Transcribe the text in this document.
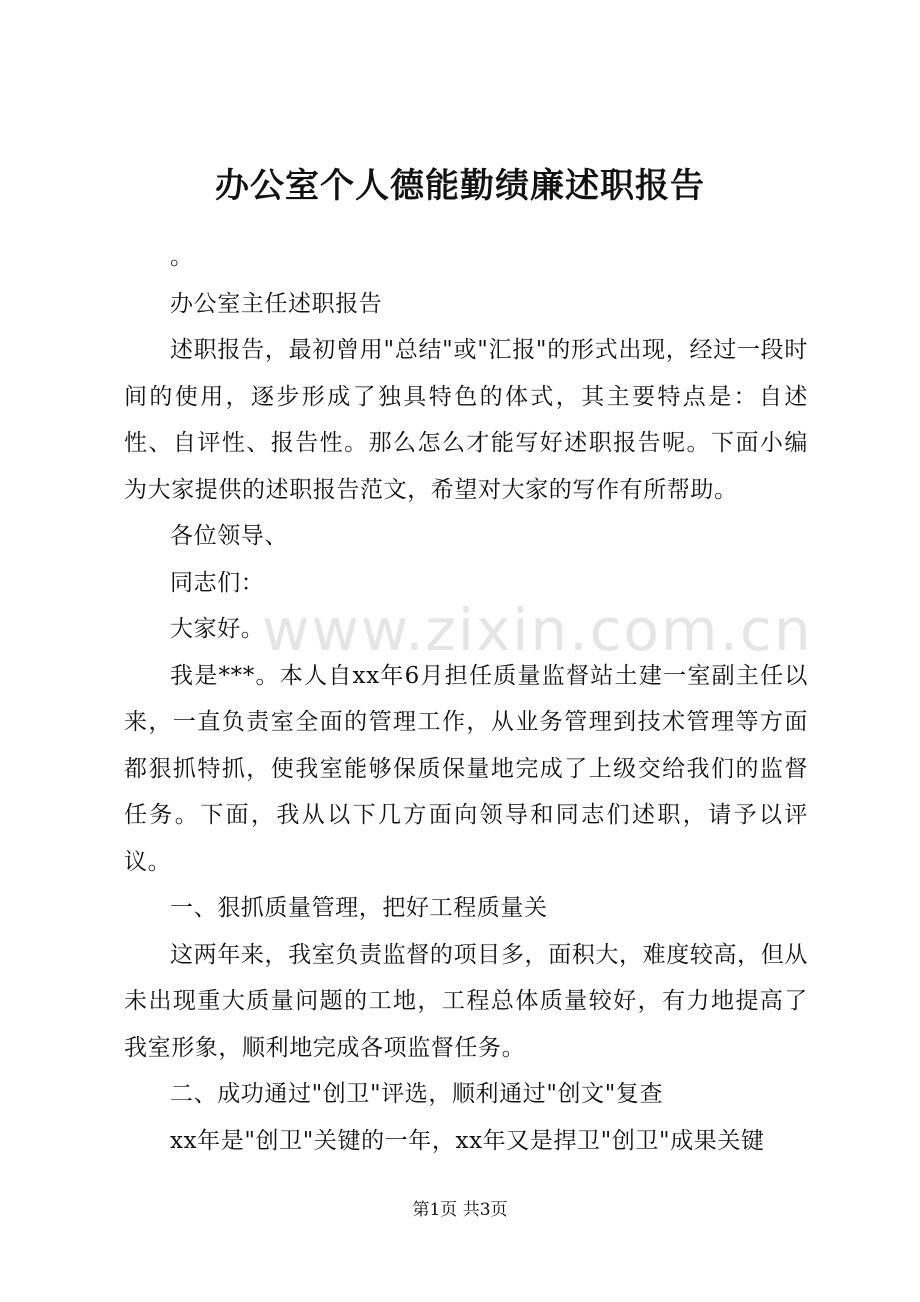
办公室个人德能勤绩廉述职报告

。

办公室主任述职报告

述职报告，最初曾用"总结"或"汇报"的形式出现，经过一段时间的使用，逐步形成了独具特色的体式，其主要特点是：自述性、自评性、报告性。那么怎么才能写好述职报告呢。下面小编为大家提供的述职报告范文，希望对大家的写作有所帮助。

各位领导、

同志们：

大家好。

我是***。本人自xx年6月担任质量监督站土建一室副主任以来，一直负责室全面的管理工作，从业务管理到技术管理等方面都狠抓特抓，使我室能够保质保量地完成了上级交给我们的监督任务。下面，我从以下几方面向领导和同志们述职，请予以评议。

一、狠抓质量管理，把好工程质量关

这两年来，我室负责监督的项目多，面积大，难度较高，但从未出现重大质量问题的工地，工程总体质量较好，有力地提高了我室形象，顺利地完成各项监督任务。

二、成功通过"创卫"评选，顺利通过"创文"复查

xx年是"创卫"关键的一年，xx年又是捍卫"创卫"成果关键

www.zixin.com.cn
第1页 共3页
